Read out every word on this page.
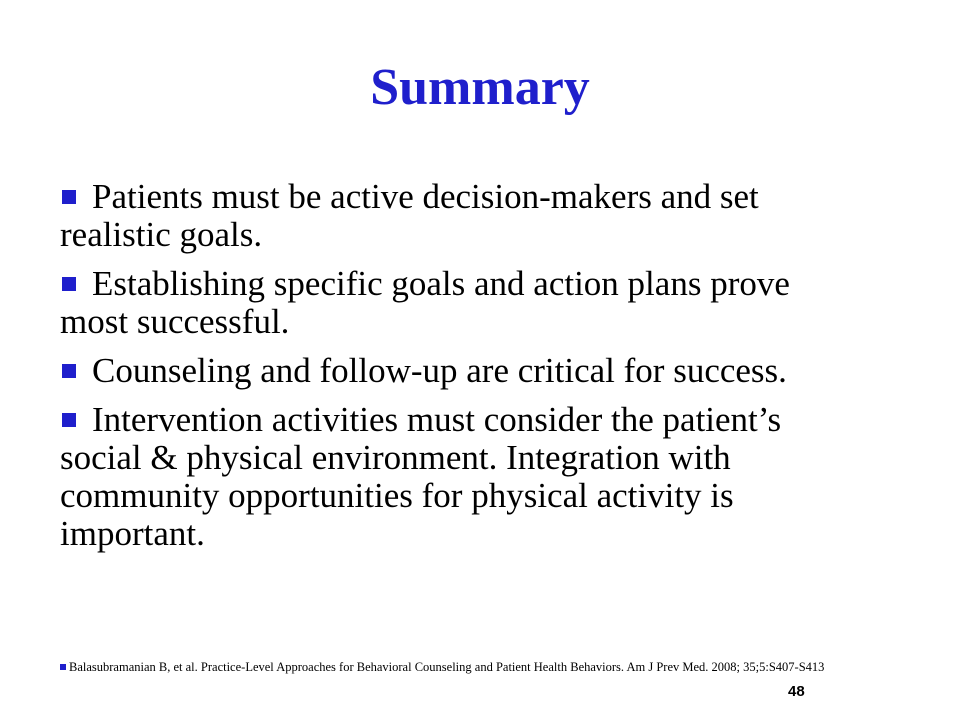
Summary
Patients must be active decision-makers and set realistic goals.
Establishing specific goals and action plans prove most successful.
Counseling and follow-up are critical for success.
Intervention activities must consider the patient’s social & physical environment. Integration with community opportunities for physical activity is important.
Balasubramanian B, et al. Practice-Level Approaches for Behavioral Counseling and Patient Health Behaviors. Am J Prev Med. 2008; 35;5:S407-S413
48
